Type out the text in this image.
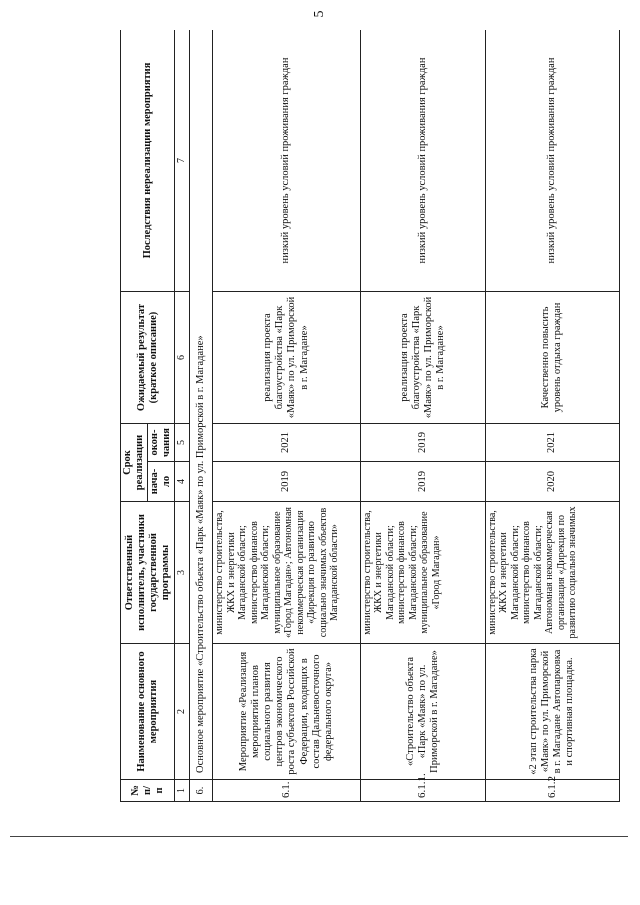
5
№ п/п	Наименование основного мероприятия	Ответственный исполнитель, участники государственной программы	Срок реализации		Ожидаемый результат (краткое описание)	Последствия нереализации мероприятия
			нача-ло	окон-чания		
1	2	3	4	5	6	7
6.	Основное мероприятие «Строительство объекта «Парк «Маяк» по ул. Приморской в г. Магадане»					
6.1.	Мероприятие «Реализация мероприятий планов социального развития центров экономического роста субъектов Российской Федерации, входящих в состав Дальневосточного федерального округа»	министерство строительства, ЖКХ и энергетики Магаданской области; министерство финансов Магаданской области; муниципальное образование «Город Магадан»; Автономная некоммерческая организация «Дирекция по развитию социально значимых объектов Магаданской области»	2019	2021	реализация проекта благоустройства «Парк «Маяк» по ул. Приморской в г. Магадане»	низкий уровень условий проживания граждан
6.1.1.	«Строительство объекта «Парк «Маяк» по ул. Приморской в г. Магадане»	министерство строительства, ЖКХ и энергетики Магаданской области; министерство финансов Магаданской области; муниципальное образование «Город Магадан»	2019	2019	реализация проекта благоустройства «Парк «Маяк» по ул. Приморской в г. Магадане»	низкий уровень условий проживания граждан
6.1.2	«2 этап строительства парка «Маяк» по ул. Приморской в г. Магадане Автопарковка и спортивная площадка.	министерство строительства, ЖКХ и энергетики Магаданской области; министерство финансов Магаданской области; Автономная некоммерческая организация «Дирекция по развитию социально значимых	2020	2021	Качественно повысить уровень отдыха граждан	низкий уровень условий проживания граждан
